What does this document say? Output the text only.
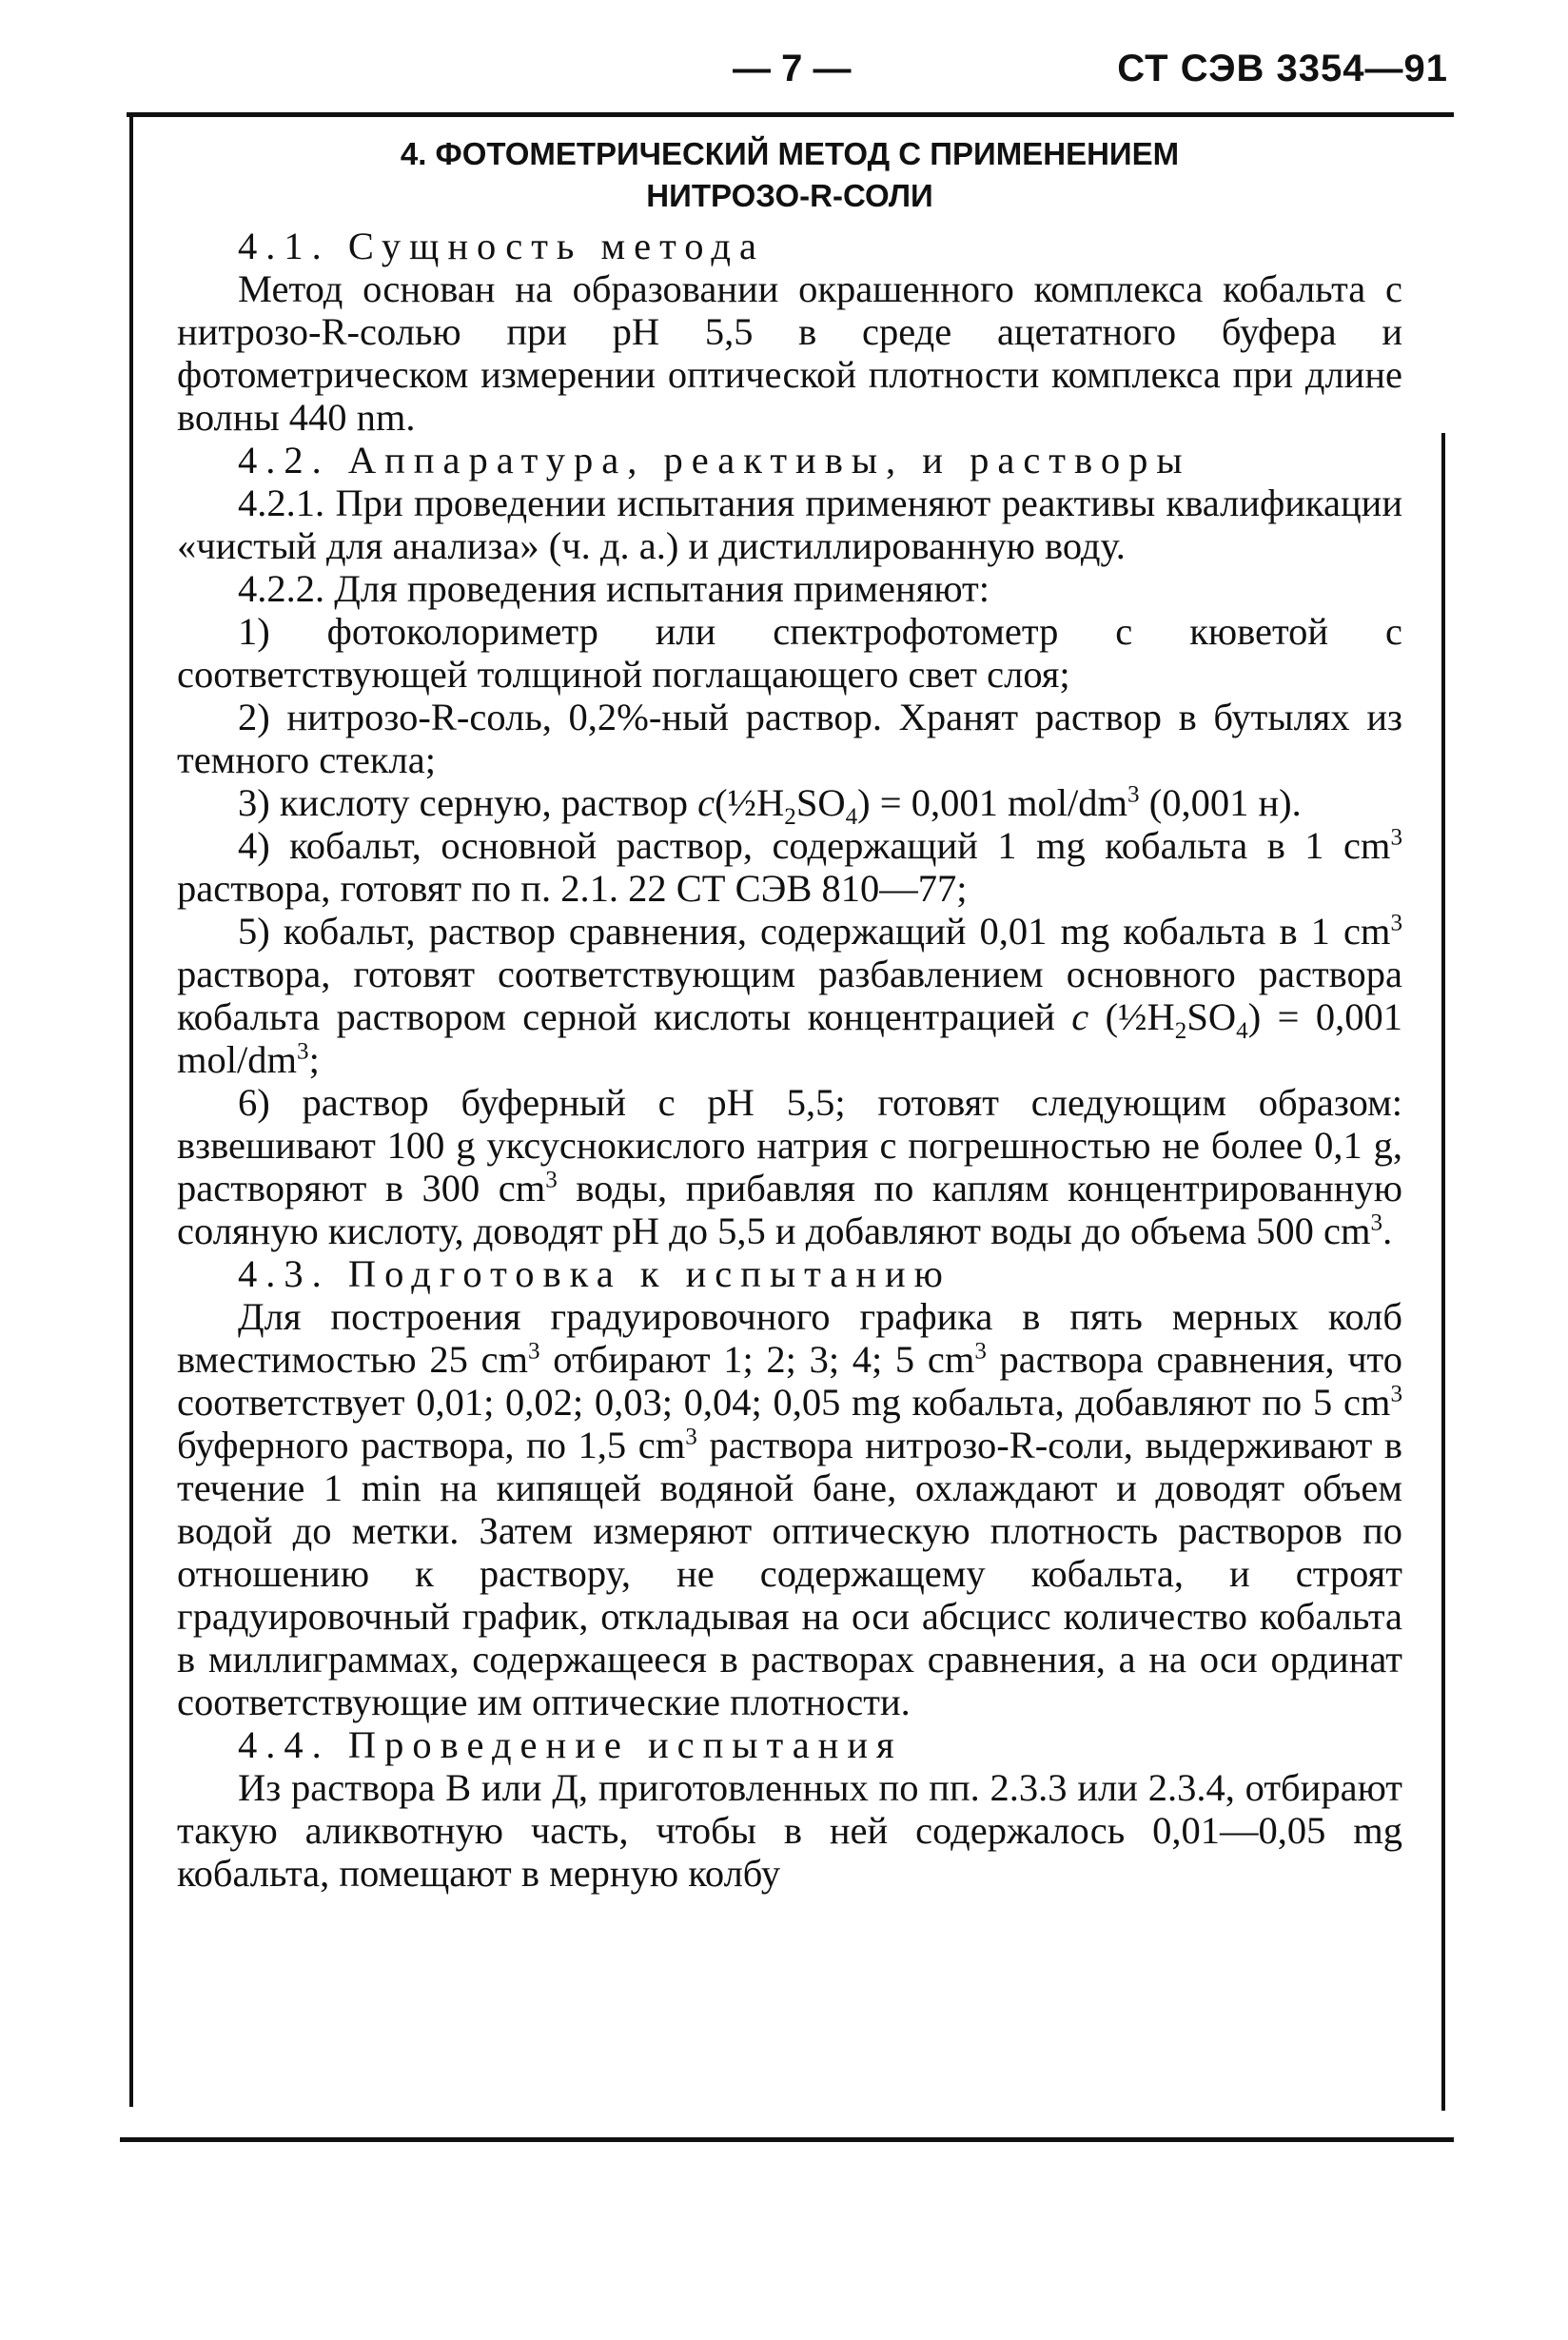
— 7 —	СТ СЭВ 3354—91
4. ФОТОМЕТРИЧЕСКИЙ МЕТОД С ПРИМЕНЕНИЕМ
НИТРОЗО-R-СОЛИ

4.1. Сущность метода

Метод основан на образовании окрашенного комплекса кобальта с нитрозо-R-солью при pH 5,5 в среде ацетатного буфера и фотометрическом измерении оптической плотности комплекса при длине волны 440 nm.

4.2. Аппаратура, реактивы, и растворы

4.2.1. При проведении испытания применяют реактивы квалификации «чистый для анализа» (ч. д. а.) и дистиллированную воду.

4.2.2. Для проведения испытания применяют:

1) фотоколориметр или спектрофотометр с кюветой с соответствующей толщиной поглащающего свет слоя;

2) нитрозо-R-соль, 0,2%-ный раствор. Хранят раствор в бутылях из темного стекла;

3) кислоту серную, раствор $c(\frac{1}{2}H_2SO_4) = 0,001$ mol/$dm^3$ (0,001 н).

4) кобальт, основной раствор, содержащий 1 mg кобальта в 1 $cm^3$ раствора, готовят по п. 2.1. 22 СТ СЭВ 810—77;

5) кобальт, раствор сравнения, содержащий 0,01 mg кобальта в 1 $cm^3$ раствора, готовят соответствующим разбавлением основного раствора кобальта раствором серной кислоты концентрацией c $(\frac{1}{2}H_2SO_4) = 0,001$ mol/$dm^3$;

6) раствор буферный с pH 5,5; готовят следующим образом: взвешивают 100 g уксуснокислого натрия с погрешностью не более 0,1 g, растворяют в 300 $cm^3$ воды, прибавляя по каплям концентрированную соляную кислоту, доводят pH до 5,5 и добавляют воды до объема 500 $cm^3$.

4.3. Подготовка к испытанию

Для построения градуировочного графика в пять мерных колб вместимостью 25 $cm^3$ отбирают 1; 2; 3; 4; 5 $cm^3$ раствора сравнения, что соответствует 0,01; 0,02; 0,03; 0,04; 0,05 mg кобальта, добавляют по 5 $cm^3$ буферного раствора, по 1,5 $cm^3$ раствора нитрозо-R-соли, выдерживают в течение 1 min на кипящей водяной бане, охлаждают и доводят объем водой до метки. Затем измеряют оптическую плотность растворов по отношению к раствору, не содержащему кобальта, и строят градуировочный график, откладывая на оси абсцисс количество кобальта в миллиграммах, содержащееся в растворах сравнения, а на оси ординат соответствующие им оптические плотности.

4.4. Проведение испытания

Из раствора В или Д, приготовленных по пп. 2.3.3 или 2.3.4, отбирают такую аликвотную часть, чтобы в ней содержалось 0,01—0,05 mg кобальта, помещают в мерную колбу
